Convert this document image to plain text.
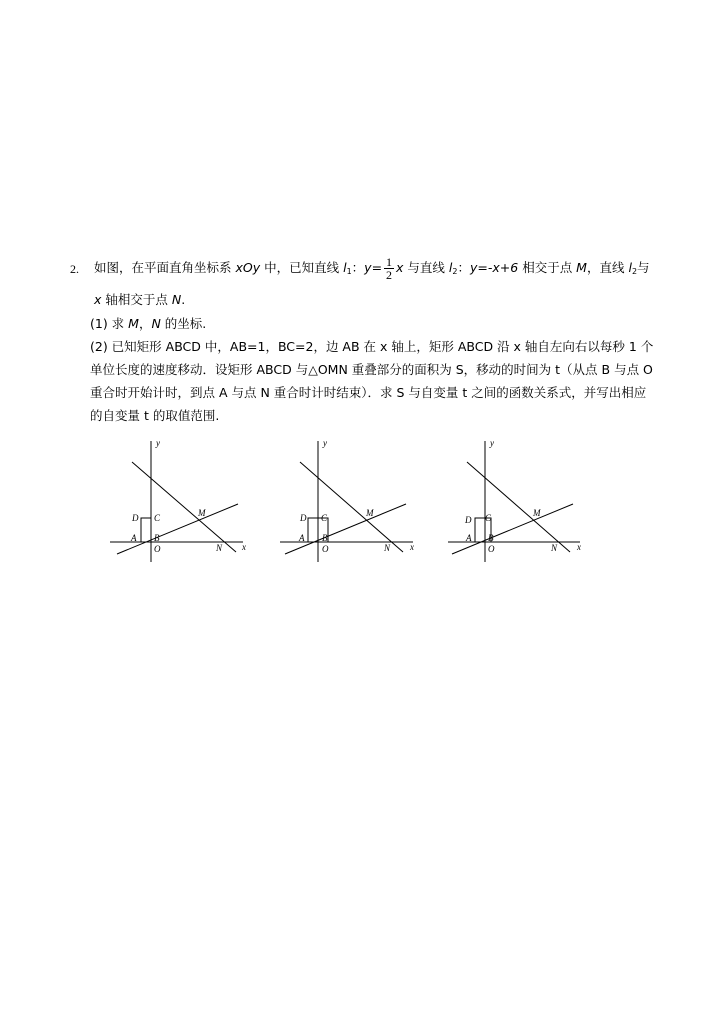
2. 如图，在平面直角坐标系 xOy 中，已知直线 $l_1$：$y= \frac{1}{2}$ x 与直线 $l_2$：y=-x+6 相交于点 M，直线 $l_2$与
x 轴相交于点 N.
(1) 求 M，N 的坐标.
(2) 已知矩形 ABCD 中，AB=1，BC=2，边 AB 在 x 轴上，矩形 ABCD 沿 x 轴自左向右以每秒 1 个
单位长度的速度移动．设矩形 ABCD 与△OMN 重叠部分的面积为 S，移动的时间为 t（从点 B 与点 O
重合时开始计时，到点 A 与点 N 重合时计时结束）．求 S 与自变量 t 之间的函数关系式，并写出相应
的自变量 t 的取值范围.
y
x
O	N
M
A B
C
D
y
x
O	N
M
A B
C
D
y
x
O	N
M
A B
C
D
